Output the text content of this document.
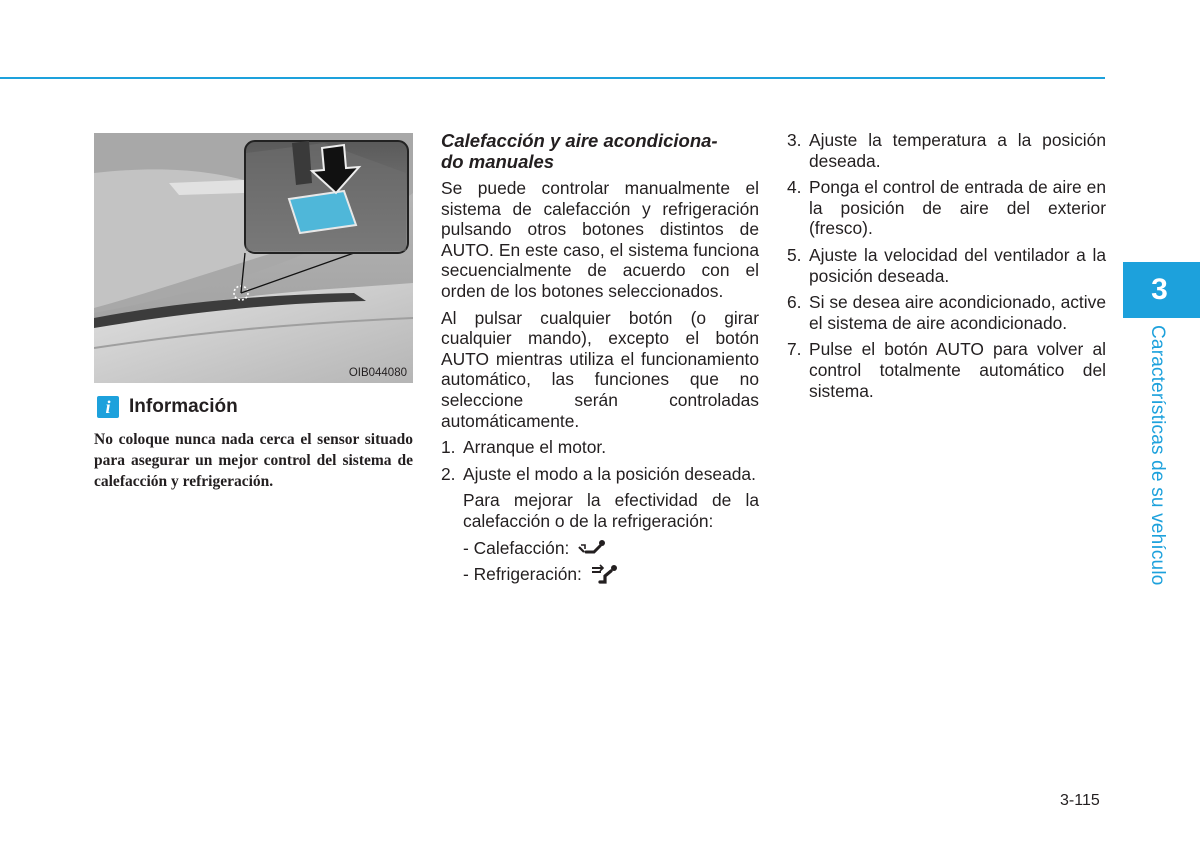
3
Características de su vehículo
OIB044080
i Información

No coloque nunca nada cerca el sensor situado para asegurar un mejor control del sistema de calefacción y refrigeración.

Calefacción y aire acondiciona-
do manuales

Se puede controlar manualmente el sistema de calefacción y refrigeración pulsando otros botones distintos de AUTO. En este caso, el sistema funciona secuencialmente de acuerdo con el orden de los botones seleccionados.

Al pulsar cualquier botón (o girar cualquier mando), excepto el botón AUTO mientras utiliza el funcionamiento automático, las funciones que no seleccione serán controladas automáticamente.

1. Arranque el motor.
2. Ajuste el modo a la posición deseada.

Para mejorar la efectividad de la calefacción o de la refrigeración:

- Calefacción:
- Refrigeración:
3. Ajuste la temperatura a la posición deseada.
4. Ponga el control de entrada de aire en la posición de aire del exterior (fresco).
5. Ajuste la velocidad del ventilador a la posición deseada.
6. Si se desea aire acondicionado, active el sistema de aire acondicionado.
7. Pulse el botón AUTO para volver al control totalmente automático del sistema.
3-115
